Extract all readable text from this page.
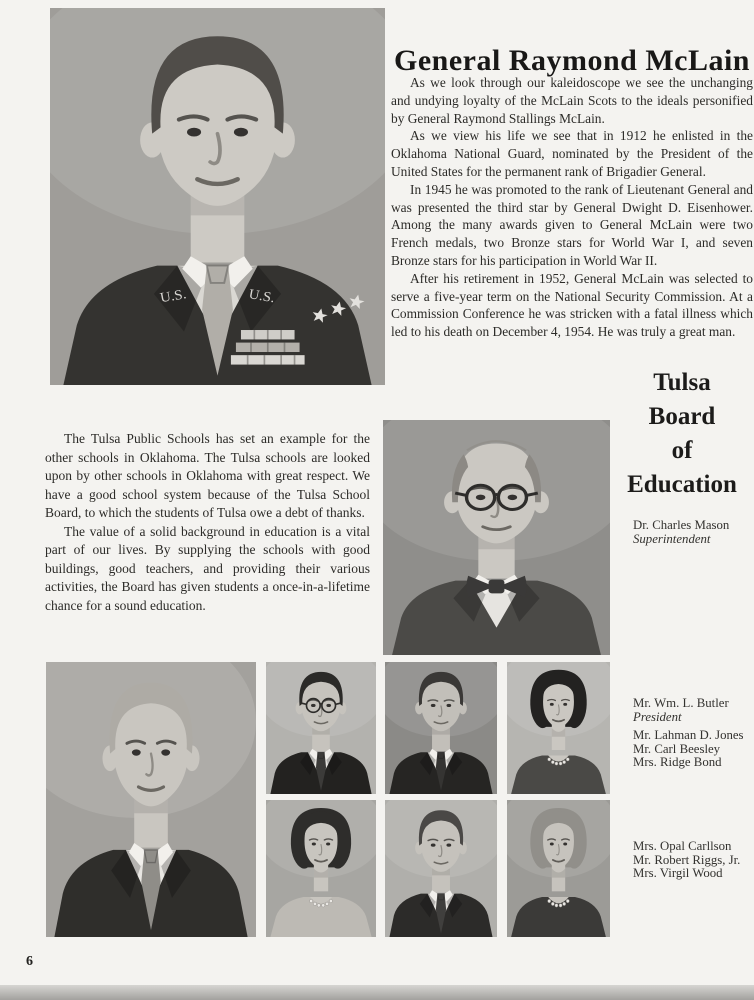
General Raymond McLain

As we look through our kaleidoscope we see the unchanging and undying loyalty of the McLain Scots to the ideals personified by General Raymond Stallings McLain.

As we view his life we see that in 1912 he enlisted in the Oklahoma National Guard, nominated by the President of the United States for the permanent rank of Brigadier General.

In 1945 he was promoted to the rank of Lieutenant General and was presented the third star by General Dwight D. Eisenhower. Among the many awards given to General McLain were two French medals, two Bronze stars for World War I, and seven Bronze stars for his participation in World War II.

After his retirement in 1952, General McLain was selected to serve a five-year term on the National Security Commission. At a Commission Conference he was stricken with a fatal illness which led to his death on December 4, 1954. He was truly a great man.

The Tulsa Public Schools has set an example for the other schools in Oklahoma. The Tulsa schools are looked upon by other schools in Oklahoma with great respect. We have a good school system because of the Tulsa School Board, to which the students of Tulsa owe a debt of thanks.

The value of a solid background in education is a vital part of our lives. By supplying the schools with good buildings, good teachers, and providing their various activities, the Board has given students a once-in-a-lifetime chance for a sound education.

Tulsa
Board
of
Education
Dr. Charles Mason
Superintendent
Mr. Wm. L. Butler
President
Mr. Lahman D. Jones
Mr. Carl Beesley
Mrs. Ridge Bond
Mrs. Opal Carllson
Mr. Robert Riggs, Jr.
Mrs. Virgil Wood
6
